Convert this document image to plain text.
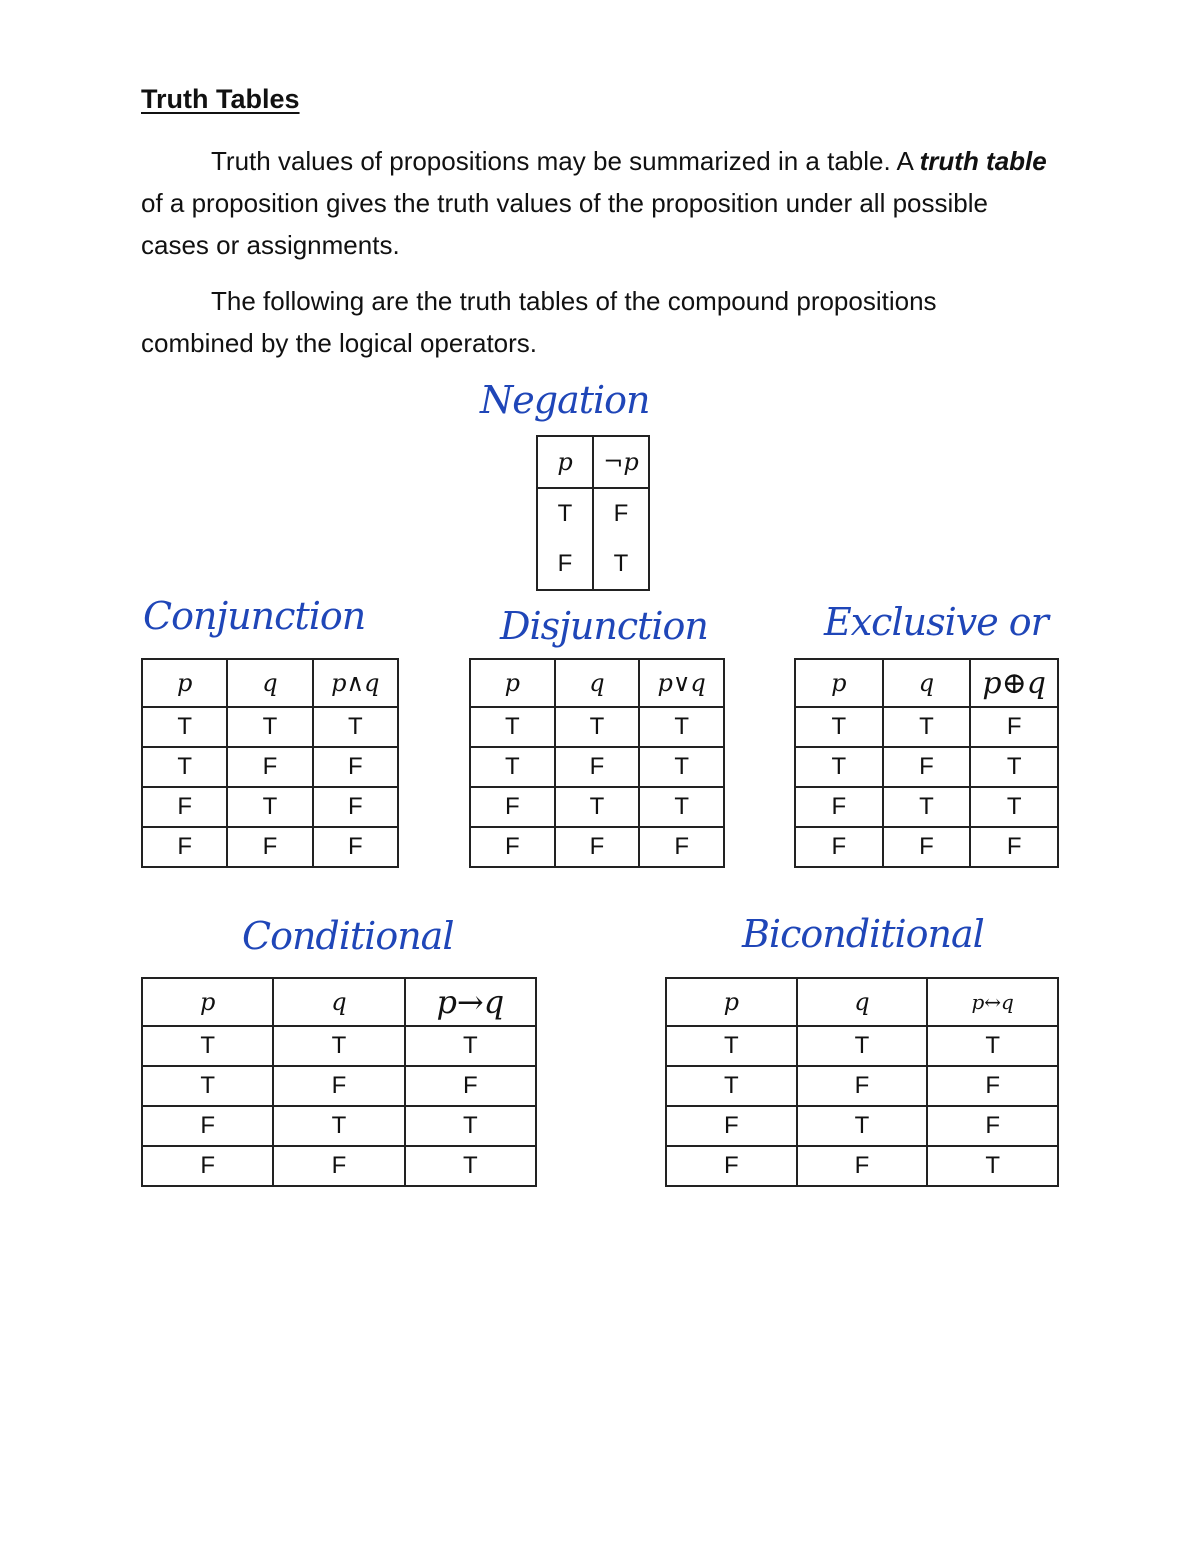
Truth Tables

Truth values of propositions may be summarized in a table. A truth table of a proposition gives the truth values of the proposition under all possible cases or assignments.

The following are the truth tables of the compound propositions combined by the logical operators.

Negation
Conjunction	Disjunction	Exclusive or
Conditional	Biconditional
p	¬p
T	F
F	T
p	q	p∧q
T	T	T
T	F	F
F	T	F
F	F	F
p	q	p∨q
T	T	T
T	F	T
F	T	T
F	F	F
p	q	p⊕q
T	T	F
T	F	T
F	T	T
F	F	F
p	q	p→q
T	T	T
T	F	F
F	T	T
F	F	T
p	q	p↔q
T	T	T
T	F	F
F	T	F
F	F	T
